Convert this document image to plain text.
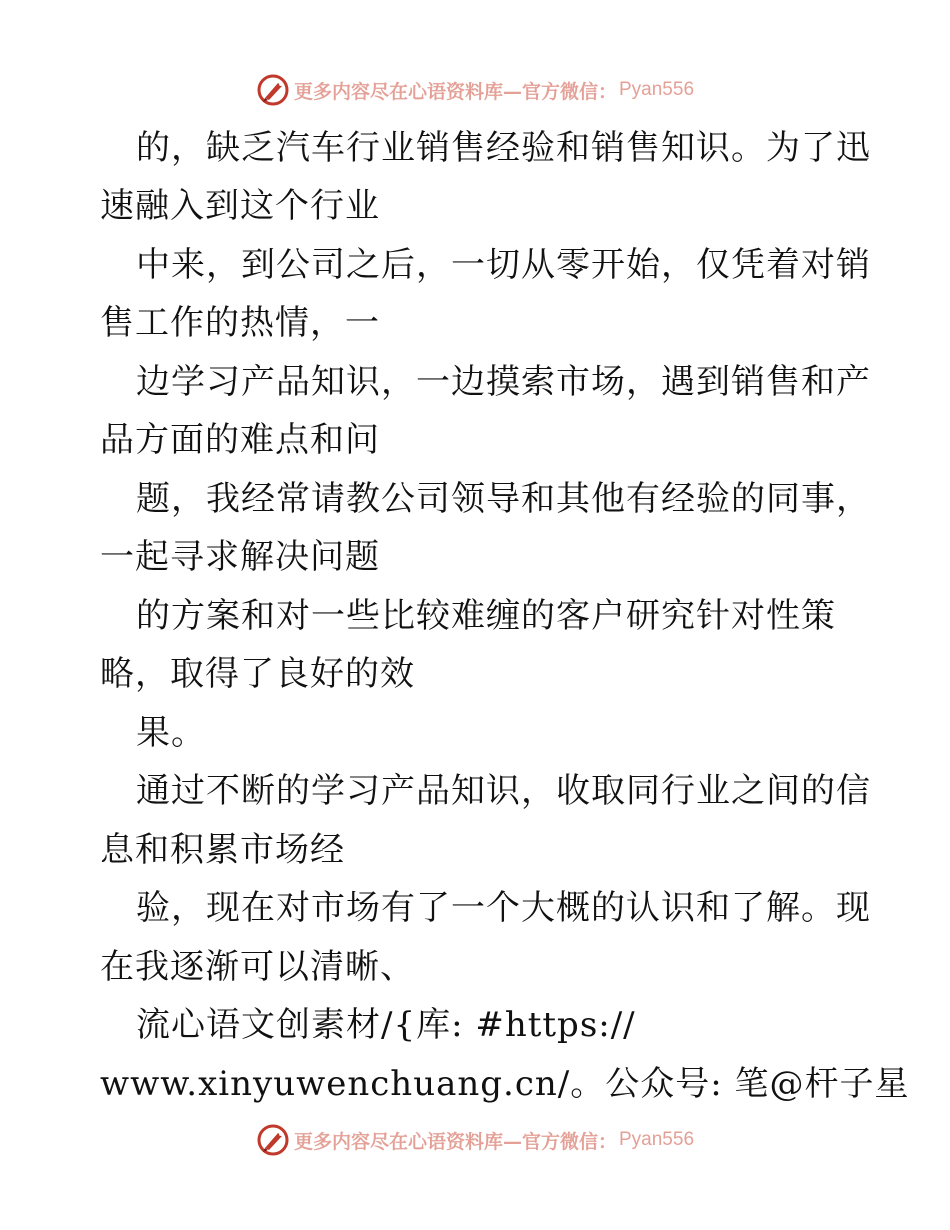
更多内容尽在心语资料库—官方微信： Pyan556
的，缺乏汽车行业销售经验和销售知识。为了迅
速融入到这个行业
中来，到公司之后，一切从零开始，仅凭着对销
售工作的热情，一
边学习产品知识，一边摸索市场，遇到销售和产
品方面的难点和问
题，我经常请教公司领导和其他有经验的同事，
一起寻求解决问题
的方案和对一些比较难缠的客户研究针对性策
略，取得了良好的效
果。
通过不断的学习产品知识，收取同行业之间的信
息和积累市场经
验，现在对市场有了一个大概的认识和了解。现
在我逐渐可以清晰、
流心语文创素材/{库: #https://
www.xinyuwenchuang.cn/。公众号: 笔@杆子星
更多内容尽在心语资料库—官方微信： Pyan556
